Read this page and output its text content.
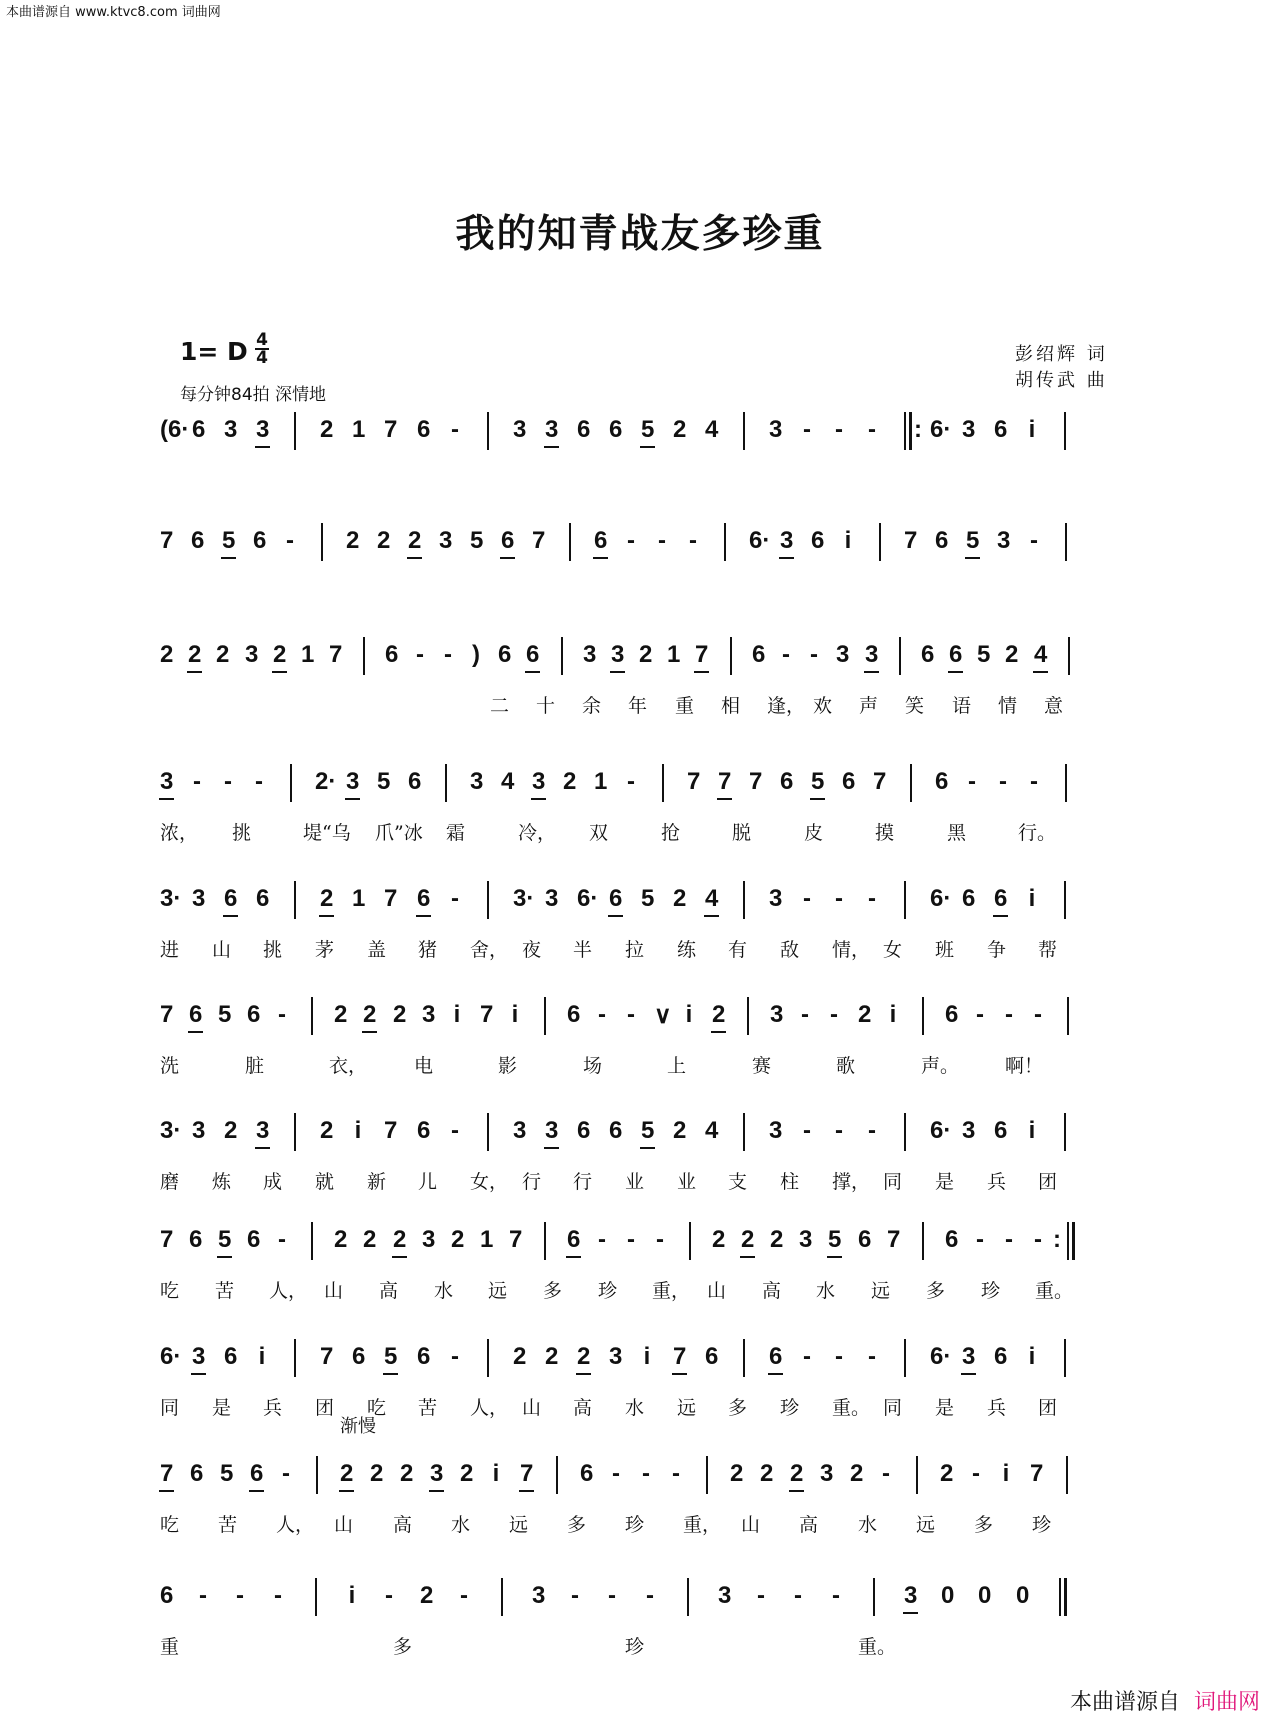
本曲谱源自 www.ktvc8.com 词曲网
我的知青战友多珍重
1= D 4
4
每分钟84拍 深情地
彭绍辉 词
胡传武 曲
渐慢
(6· 6 3 3 2 1 7 6 - 3 3 6 6 5 2 4 3 - - - : 6· 3 6 i
7 6 5 6 - 2 2 2 3 5 6 7 6 - - - 6· 3 6 i 7 6 5 3 -
2 2 2 3 2 1 7 6 - - ) 6 6 3 3 2 1 7 6 - - 3 3 6 6 5 2 4
二 十 余 年 重 相 逢， 欢 声 笑 语 情 意
3 - - - 2· 3 5 6 3 4 3 2 1 - 7 7 7 6 5 6 7 6 - - -
浓， 挑	堤“乌 爪”冰 霜	冷， 双	抢	脱	皮	摸	黑	行。
3· 3 6 6 2 1 7 6 - 3· 3 6· 6 5 2 4 3 - - - 6· 6 6 i
进 山 挑 茅 盖 猪 舍， 夜 半 拉 练 有 敌 情， 女 班 争 帮
7 6 5 6 - 2 2 2 3 i 7 i 6 - - ∨ i 2 3 - - 2 i 6 - - -
洗	脏	衣， 电	影	场	上	赛	歌	声。 啊！
3· 3 2 3 2 i 7 6 - 3 3 6 6 5 2 4 3 - - - 6· 3 6 i
磨 炼 成 就 新 儿 女， 行 行 业 业 支 柱 撑， 同 是 兵 团
7 6 5 6 - 2 2 2 3 2 1 7 6 - - - 2 2 2 3 5 6 7 6 - - - :
吃 苦 人， 山 高 水 远 多 珍 重， 山 高 水 远 多 珍 重。
6· 3 6 i 7 6 5 6 - 2 2 2 3 i 7 6 6 - - - 6· 3 6 i
同 是 兵 团 吃 苦 人， 山 高 水 远 多 珍 重。 同 是 兵 团
7 6 5 6 - 2 2 2 3 2 i 7 6 - - - 2 2 2 3 2 - 2 - i 7
吃 苦 人， 山 高 水 远 多 珍 重， 山 高 水 远 多 珍
6 - - -	i - 2 -	3 - - -	3 - - -	3 0 0 0
重	多	珍	重。
本曲谱源自 词曲网
